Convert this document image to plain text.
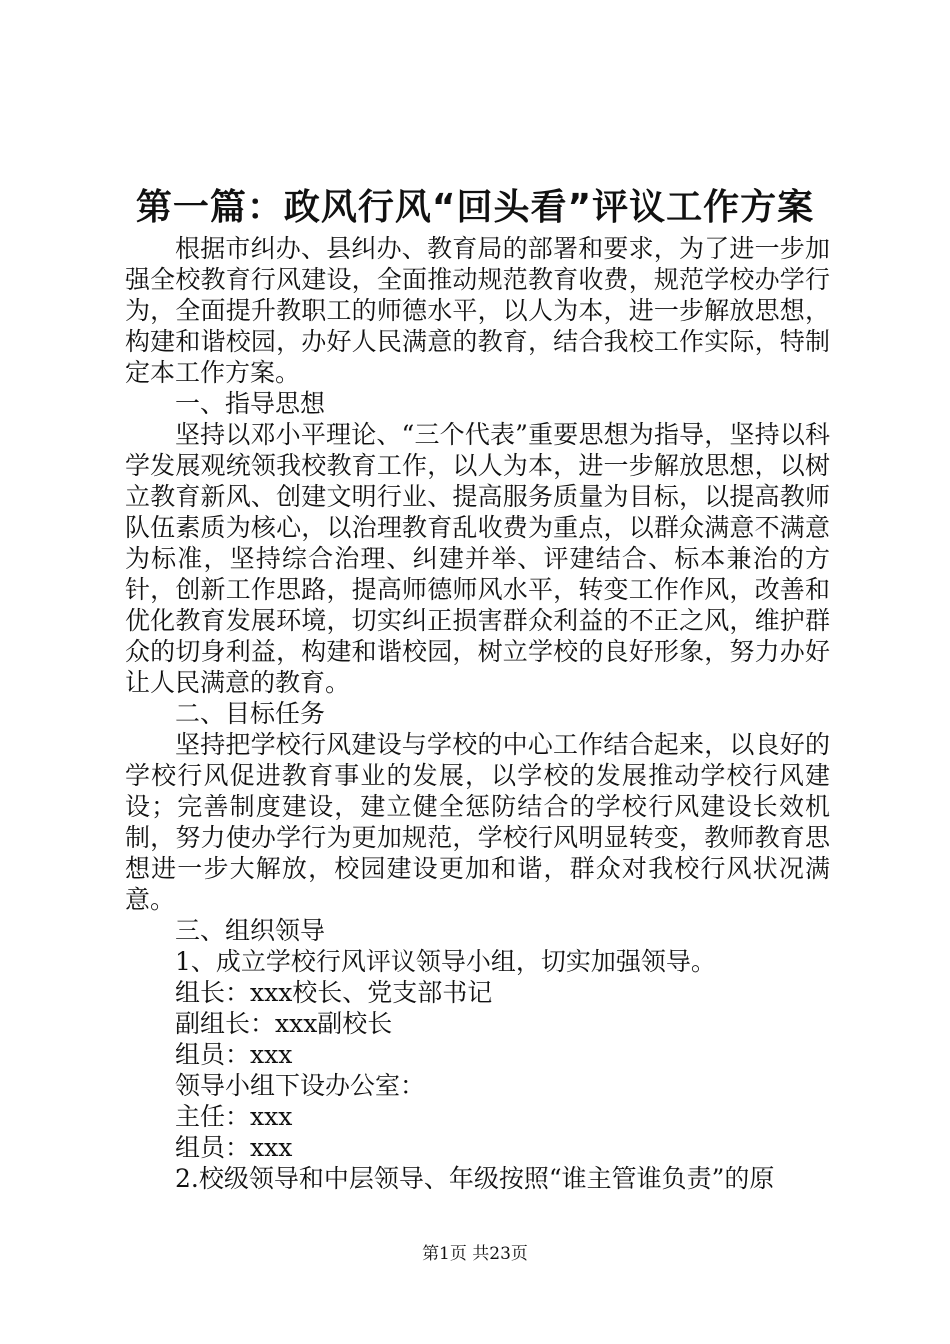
第一篇：政风行风“回头看”评议工作方案

根据市纠办、县纠办、教育局的部署和要求，为了进一步加强全校教育行风建设，全面推动规范教育收费，规范学校办学行为，全面提升教职工的师德水平，以人为本，进一步解放思想，构建和谐校园，办好人民满意的教育，结合我校工作实际，特制定本工作方案。

一、指导思想

坚持以邓小平理论、“三个代表”重要思想为指导，坚持以科学发展观统领我校教育工作，以人为本，进一步解放思想，以树立教育新风、创建文明行业、提高服务质量为目标，以提高教师队伍素质为核心，以治理教育乱收费为重点，以群众满意不满意为标准，坚持综合治理、纠建并举、评建结合、标本兼治的方针，创新工作思路，提高师德师风水平，转变工作作风，改善和优化教育发展环境，切实纠正损害群众利益的不正之风，维护群众的切身利益，构建和谐校园，树立学校的良好形象，努力办好让人民满意的教育。

二、目标任务

坚持把学校行风建设与学校的中心工作结合起来，以良好的学校行风促进教育事业的发展，以学校的发展推动学校行风建设；完善制度建设，建立健全惩防结合的学校行风建设长效机制，努力使办学行为更加规范，学校行风明显转变，教师教育思想进一步大解放，校园建设更加和谐，群众对我校行风状况满意。

三、组织领导

1、成立学校行风评议领导小组，切实加强领导。

组长：xxx校长、党支部书记

副组长：xxx副校长

组员：xxx

领导小组下设办公室：

主任：xxx

组员：xxx

2.校级领导和中层领导、年级按照“谁主管谁负责”的原

第1页 共23页
